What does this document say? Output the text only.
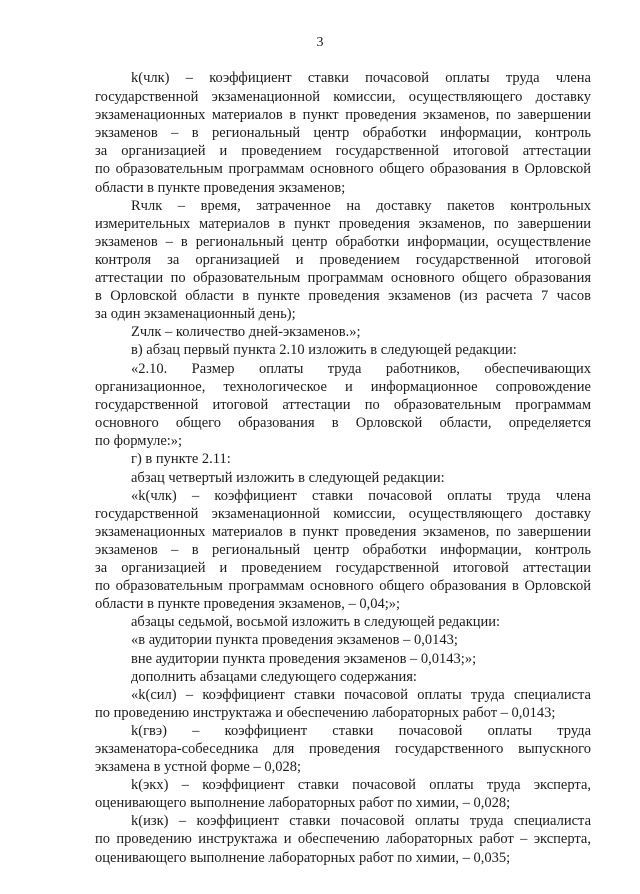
3
k(члк) – коэффициент ставки почасовой оплаты труда члена
государственной экзаменационной комиссии, осуществляющего доставку
экзаменационных материалов в пункт проведения экзаменов, по завершении
экзаменов – в региональный центр обработки информации, контроль
за организацией и проведением государственной итоговой аттестации
по образовательным программам основного общего образования в Орловской
области в пункте проведения экзаменов;
Rчлк – время, затраченное на доставку пакетов контрольных
измерительных материалов в пункт проведения экзаменов, по завершении
экзаменов – в региональный центр обработки информации, осуществление
контроля за организацией и проведением государственной итоговой
аттестации по образовательным программам основного общего образования
в Орловской области в пункте проведения экзаменов (из расчета 7 часов
за один экзаменационный день);
Zчлк – количество дней-экзаменов.»;
в) абзац первый пункта 2.10 изложить в следующей редакции:
«2.10. Размер оплаты труда работников, обеспечивающих
организационное, технологическое и информационное сопровождение
государственной итоговой аттестации по образовательным программам
основного общего образования в Орловской области, определяется
по формуле:»;
г) в пункте 2.11:
абзац четвертый изложить в следующей редакции:
«k(члк) – коэффициент ставки почасовой оплаты труда члена
государственной экзаменационной комиссии, осуществляющего доставку
экзаменационных материалов в пункт проведения экзаменов, по завершении
экзаменов – в региональный центр обработки информации, контроль
за организацией и проведением государственной итоговой аттестации
по образовательным программам основного общего образования в Орловской
области в пункте проведения экзаменов, – 0,04;»;
абзацы седьмой, восьмой изложить в следующей редакции:
«в аудитории пункта проведения экзаменов – 0,0143;
вне аудитории пункта проведения экзаменов – 0,0143;»;
дополнить абзацами следующего содержания:
«k(сил) – коэффициент ставки почасовой оплаты труда специалиста
по проведению инструктажа и обеспечению лабораторных работ – 0,0143;
k(гвэ) – коэффициент ставки почасовой оплаты труда
экзаменатора-собеседника для проведения государственного выпускного
экзамена в устной форме – 0,028;
k(экх) – коэффициент ставки почасовой оплаты труда эксперта,
оценивающего выполнение лабораторных работ по химии, – 0,028;
k(изк) – коэффициент ставки почасовой оплаты труда специалиста
по проведению инструктажа и обеспечению лабораторных работ – эксперта,
оценивающего выполнение лабораторных работ по химии, – 0,035;
